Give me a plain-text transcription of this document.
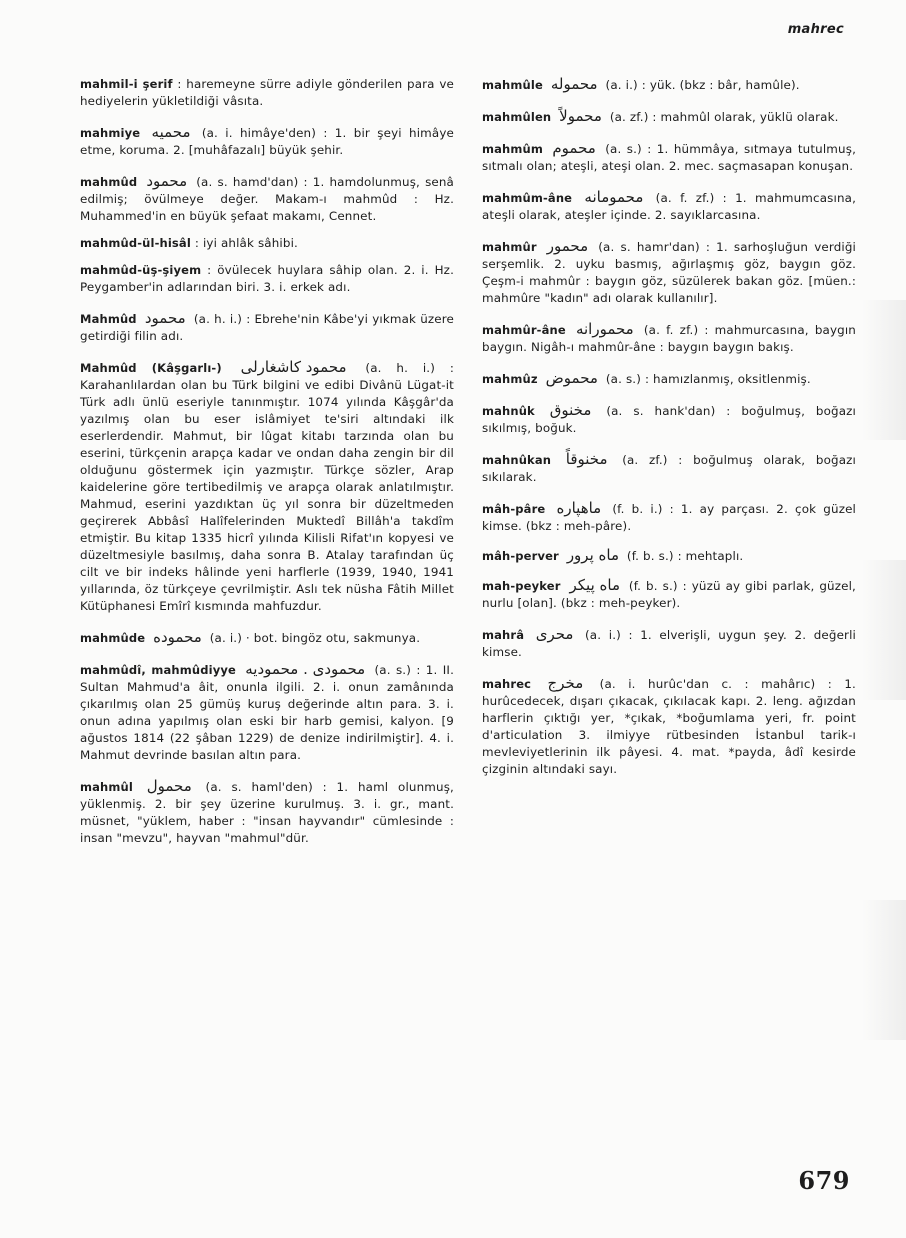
mahrec
mahmil-i şerif : haremeyne sürre adiyle gönderilen para ve hediyelerin yükletildiği vâsıta.
mahmiye محميه (a. i. himâye'den) : 1. bir şeyi himâye etme, koruma. 2. [muhâfazalı] büyük şehir.
mahmûd محمود (a. s. hamd'dan) : 1. hamdolunmuş, senâ edilmiş; övülmeye değer. Makam-ı mahmûd : Hz. Muhammed'in en büyük şefaat makamı, Cennet.
mahmûd-ül-hisâl : iyi ahlâk sâhibi.
mahmûd-üş-şiyem : övülecek huylara sâhip olan. 2. i. Hz. Peygamber'in adlarından biri. 3. i. erkek adı.
Mahmûd محمود (a. h. i.) : Ebrehe'nin Kâbe'yi yıkmak üzere getirdiği filin adı.
Mahmûd (Kâşgarlı-) محمود كاشغارلى (a. h. i.) : Karahanlılardan olan bu Türk bilgini ve edibi Divânü Lügat-it Türk adlı ünlü eseriyle tanınmıştır. 1074 yılında Kâşgâr'da yazılmış olan bu eser islâmiyet te'siri altındaki ilk eserlerdendir. Mahmut, bir lûgat kitabı tarzında olan bu eserini, türkçenin arapça kadar ve ondan daha zengin bir dil olduğunu göstermek için yazmıştır. Türkçe sözler, Arap kaidelerine göre tertibedilmiş ve arapça olarak anlatılmıştır. Mahmud, eserini yazdıktan üç yıl sonra bir düzeltmeden geçirerek Abbâsî Halîfelerinden Muktedî Billâh'a takdîm etmiştir. Bu kitap 1335 hicrî yılında Kilisli Rifat'ın kopyesi ve düzeltmesiyle basılmış, daha sonra B. Atalay tarafından üç cilt ve bir indeks hâlinde yeni harflerle (1939, 1940, 1941 yıllarında, öz türkçeye çevrilmiştir. Aslı tek nüsha Fâtih Millet Kütüphanesi Emîrî kısmında mahfuzdur.
mahmûde محموده (a. i.) · bot. bingöz otu, sakmunya.
mahmûdî, mahmûdiyye محمودى . محموديه (a. s.) : 1. II. Sultan Mahmud'a âit, onunla ilgili. 2. i. onun zamânında çıkarılmış olan 25 gümüş kuruş değerinde altın para. 3. i. onun adına yapılmış olan eski bir harb gemisi, kalyon. [9 ağustos 1814 (22 şâban 1229) de denize indirilmiştir]. 4. i. Mahmut devrinde basılan altın para.
mahmûl محمول (a. s. haml'den) : 1. haml olunmuş, yüklenmiş. 2. bir şey üzerine kurulmuş. 3. i. gr., mant. müsnet, "yüklem, haber : "insan hayvandır" cümlesinde : insan "mevzu", hayvan "mahmul"dür.
mahmûle محموله (a. i.) : yük. (bkz : bâr, hamûle).
mahmûlen محمولاً (a. zf.) : mahmûl olarak, yüklü olarak.
mahmûm محموم (a. s.) : 1. hümmâya, sıtmaya tutulmuş, sıtmalı olan; ateşli, ateşi olan. 2. mec. saçmasapan konuşan.
mahmûm-âne محمومانه (a. f. zf.) : 1. mahmumcasına, ateşli olarak, ateşler içinde. 2. sayıklarcasına.
mahmûr محمور (a. s. hamr'dan) : 1. sarhoşluğun verdiği serşemlik. 2. uyku basmış, ağırlaşmış göz, baygın göz. Çeşm-i mahmûr : baygın göz, süzülerek bakan göz. [müen.: mahmûre "kadın" adı olarak kullanılır].
mahmûr-âne محمورانه (a. f. zf.) : mahmurcasına, baygın baygın. Nigâh-ı mahmûr-âne : baygın baygın bakış.
mahmûz محموض (a. s.) : hamızlanmış, oksitlenmiş.
mahnûk مخنوق (a. s. hank'dan) : boğulmuş, boğazı sıkılmış, boğuk.
mahnûkan مخنوقاً (a. zf.) : boğulmuş olarak, boğazı sıkılarak.
mâh-pâre ماهپاره (f. b. i.) : 1. ay parçası. 2. çok güzel kimse. (bkz : meh-pâre).
mâh-perver ماه پرور (f. b. s.) : mehtaplı.
mah-peyker ماه پيكر (f. b. s.) : yüzü ay gibi parlak, güzel, nurlu [olan]. (bkz : meh-peyker).
mahrâ محرى (a. i.) : 1. elverişli, uygun şey. 2. değerli kimse.
mahrec مخرج (a. i. hurûc'dan c. : mahârıc) : 1. hurûcedecek, dışarı çıkacak, çıkılacak kapı. 2. leng. ağızdan harflerin çıktığı yer, *çıkak, *boğumlama yeri, fr. point d'articulation 3. ilmiyye rütbesinden İstanbul tarik-ı mevleviyetlerinin ilk pâyesi. 4. mat. *payda, âdî kesirde çizginin altındaki sayı.
679
